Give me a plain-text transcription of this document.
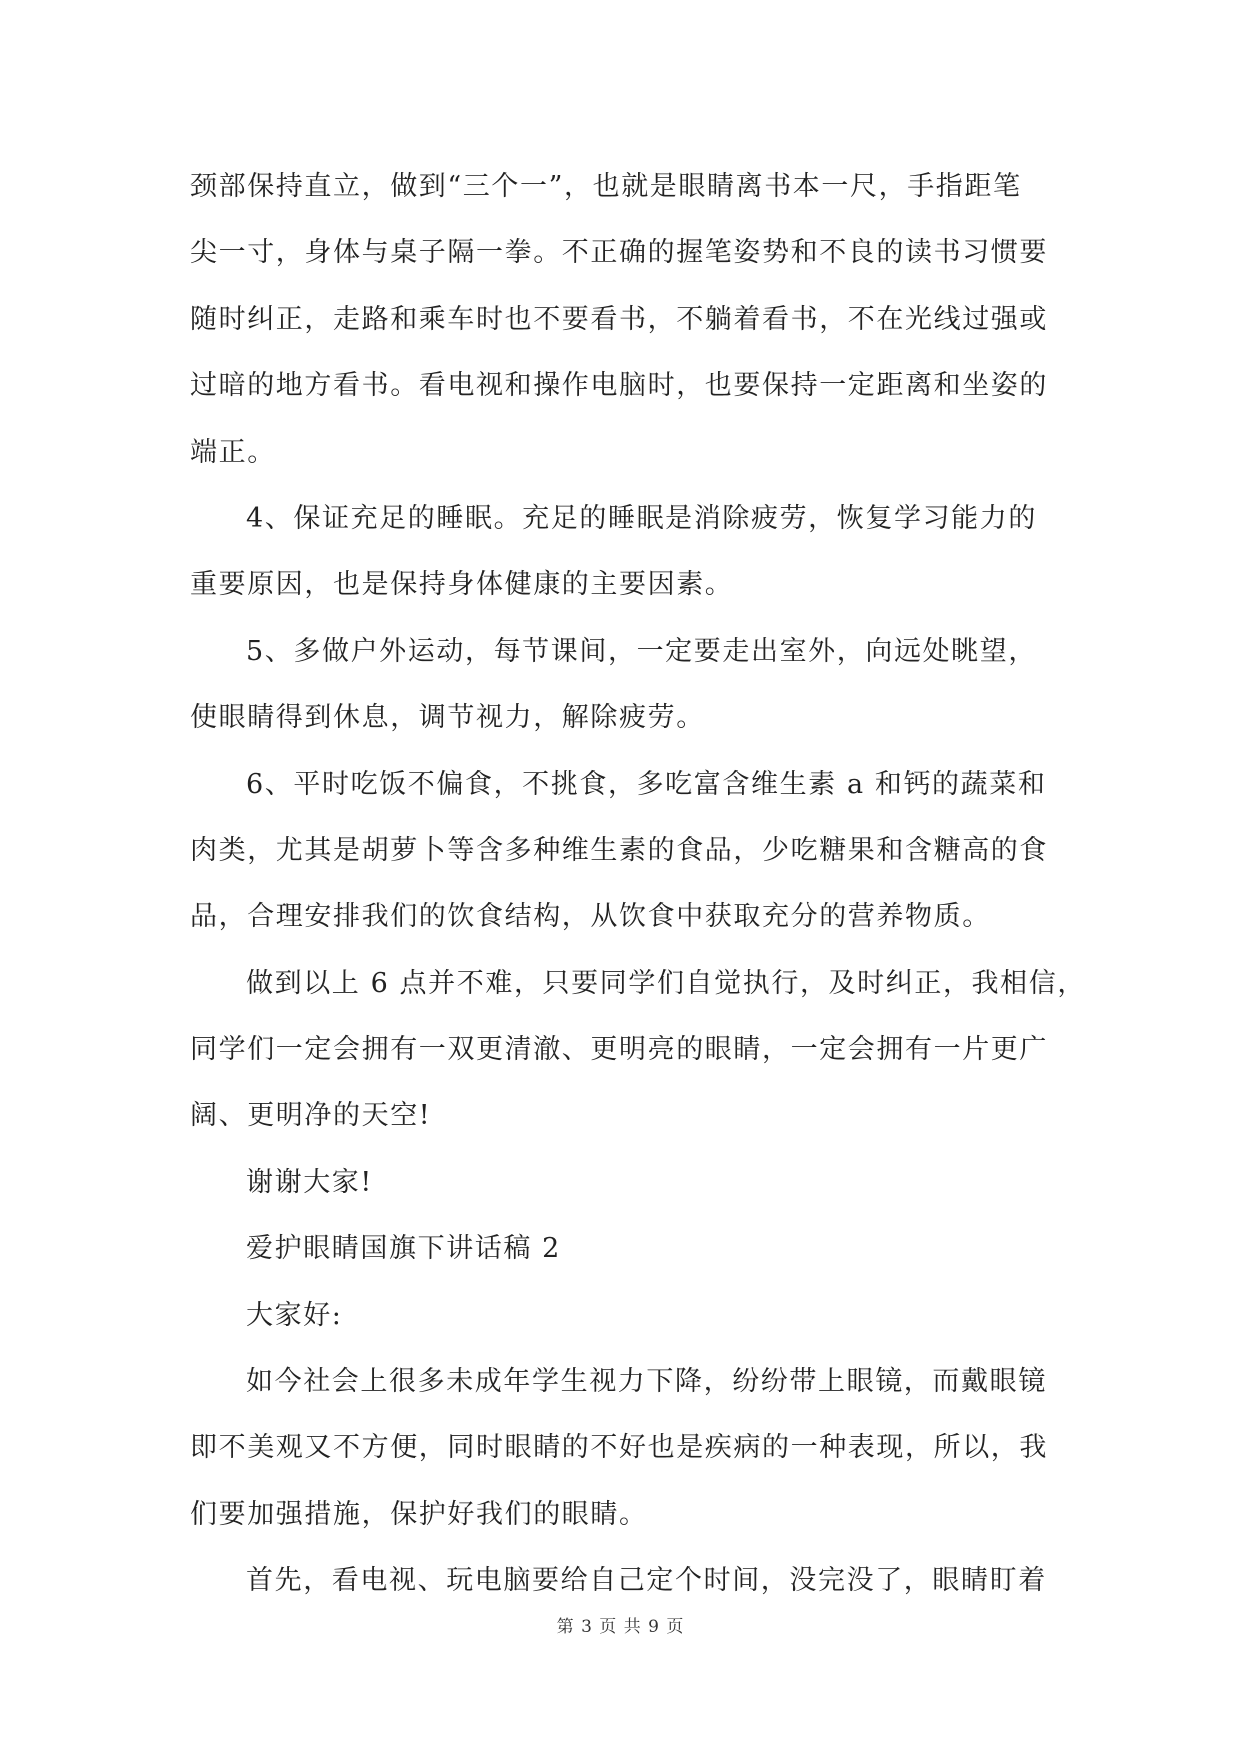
颈部保持直立，做到“三个一”，也就是眼睛离书本一尺，手指距笔
尖一寸，身体与桌子隔一拳。不正确的握笔姿势和不良的读书习惯要
随时纠正，走路和乘车时也不要看书，不躺着看书，不在光线过强或
过暗的地方看书。看电视和操作电脑时，也要保持一定距离和坐姿的
端正。
4、保证充足的睡眠。充足的睡眠是消除疲劳，恢复学习能力的
重要原因，也是保持身体健康的主要因素。
5、多做户外运动，每节课间，一定要走出室外，向远处眺望，
使眼睛得到休息，调节视力，解除疲劳。
6、平时吃饭不偏食，不挑食，多吃富含维生素 a 和钙的蔬菜和
肉类，尤其是胡萝卜等含多种维生素的食品，少吃糖果和含糖高的食
品，合理安排我们的饮食结构，从饮食中获取充分的营养物质。
做到以上 6 点并不难，只要同学们自觉执行，及时纠正，我相信，
同学们一定会拥有一双更清澈、更明亮的眼睛，一定会拥有一片更广
阔、更明净的天空!
谢谢大家!
爱护眼睛国旗下讲话稿 2
大家好:
如今社会上很多未成年学生视力下降，纷纷带上眼镜，而戴眼镜
即不美观又不方便，同时眼睛的不好也是疾病的一种表现，所以，我
们要加强措施，保护好我们的眼睛。
首先，看电视、玩电脑要给自己定个时间，没完没了，眼睛盯着
第 3 页 共 9 页
